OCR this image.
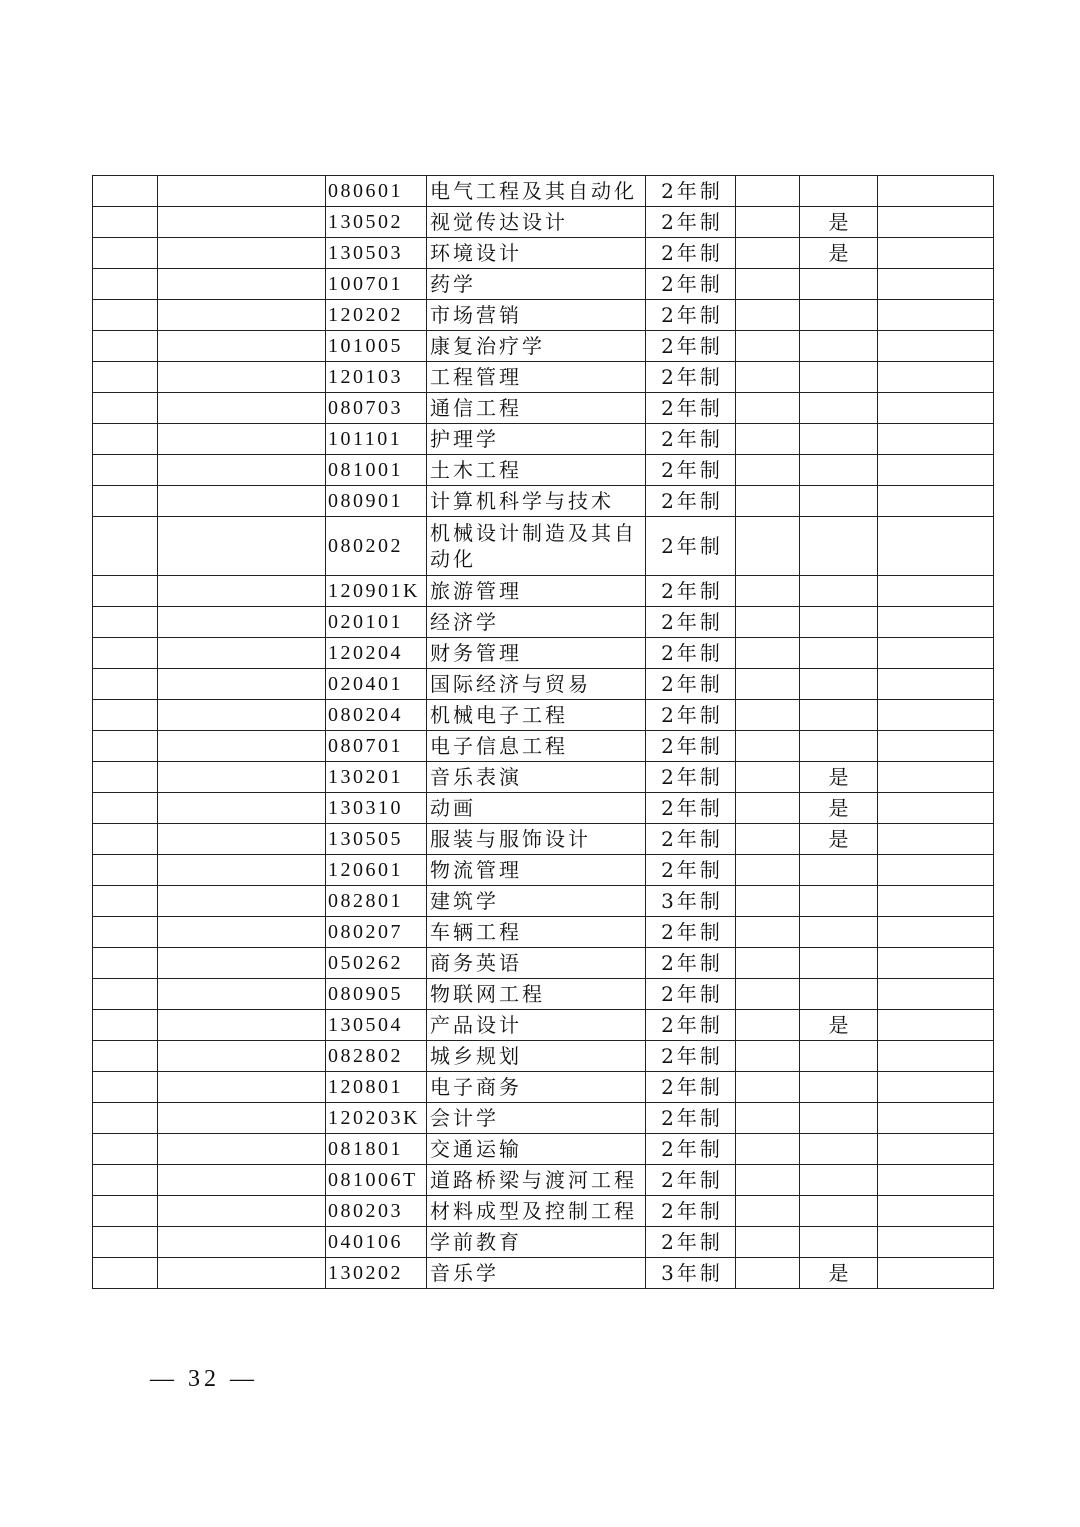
		080601	电气工程及其自动化	2年制			
		130502	视觉传达设计	2年制		是	
		130503	环境设计	2年制		是	
		100701	药学	2年制			
		120202	市场营销	2年制			
		101005	康复治疗学	2年制			
		120103	工程管理	2年制			
		080703	通信工程	2年制			
		101101	护理学	2年制			
		081001	土木工程	2年制			
		080901	计算机科学与技术	2年制			
		080202	机械设计制造及其自动化	2年制			
		120901K	旅游管理	2年制			
		020101	经济学	2年制			
		120204	财务管理	2年制			
		020401	国际经济与贸易	2年制			
		080204	机械电子工程	2年制			
		080701	电子信息工程	2年制			
		130201	音乐表演	2年制		是	
		130310	动画	2年制		是	
		130505	服装与服饰设计	2年制		是	
		120601	物流管理	2年制			
		082801	建筑学	3年制			
		080207	车辆工程	2年制			
		050262	商务英语	2年制			
		080905	物联网工程	2年制			
		130504	产品设计	2年制		是	
		082802	城乡规划	2年制			
		120801	电子商务	2年制			
		120203K	会计学	2年制			
		081801	交通运输	2年制			
		081006T	道路桥梁与渡河工程	2年制			
		080203	材料成型及控制工程	2年制			
		040106	学前教育	2年制			
		130202	音乐学	3年制		是	
— 32 —
